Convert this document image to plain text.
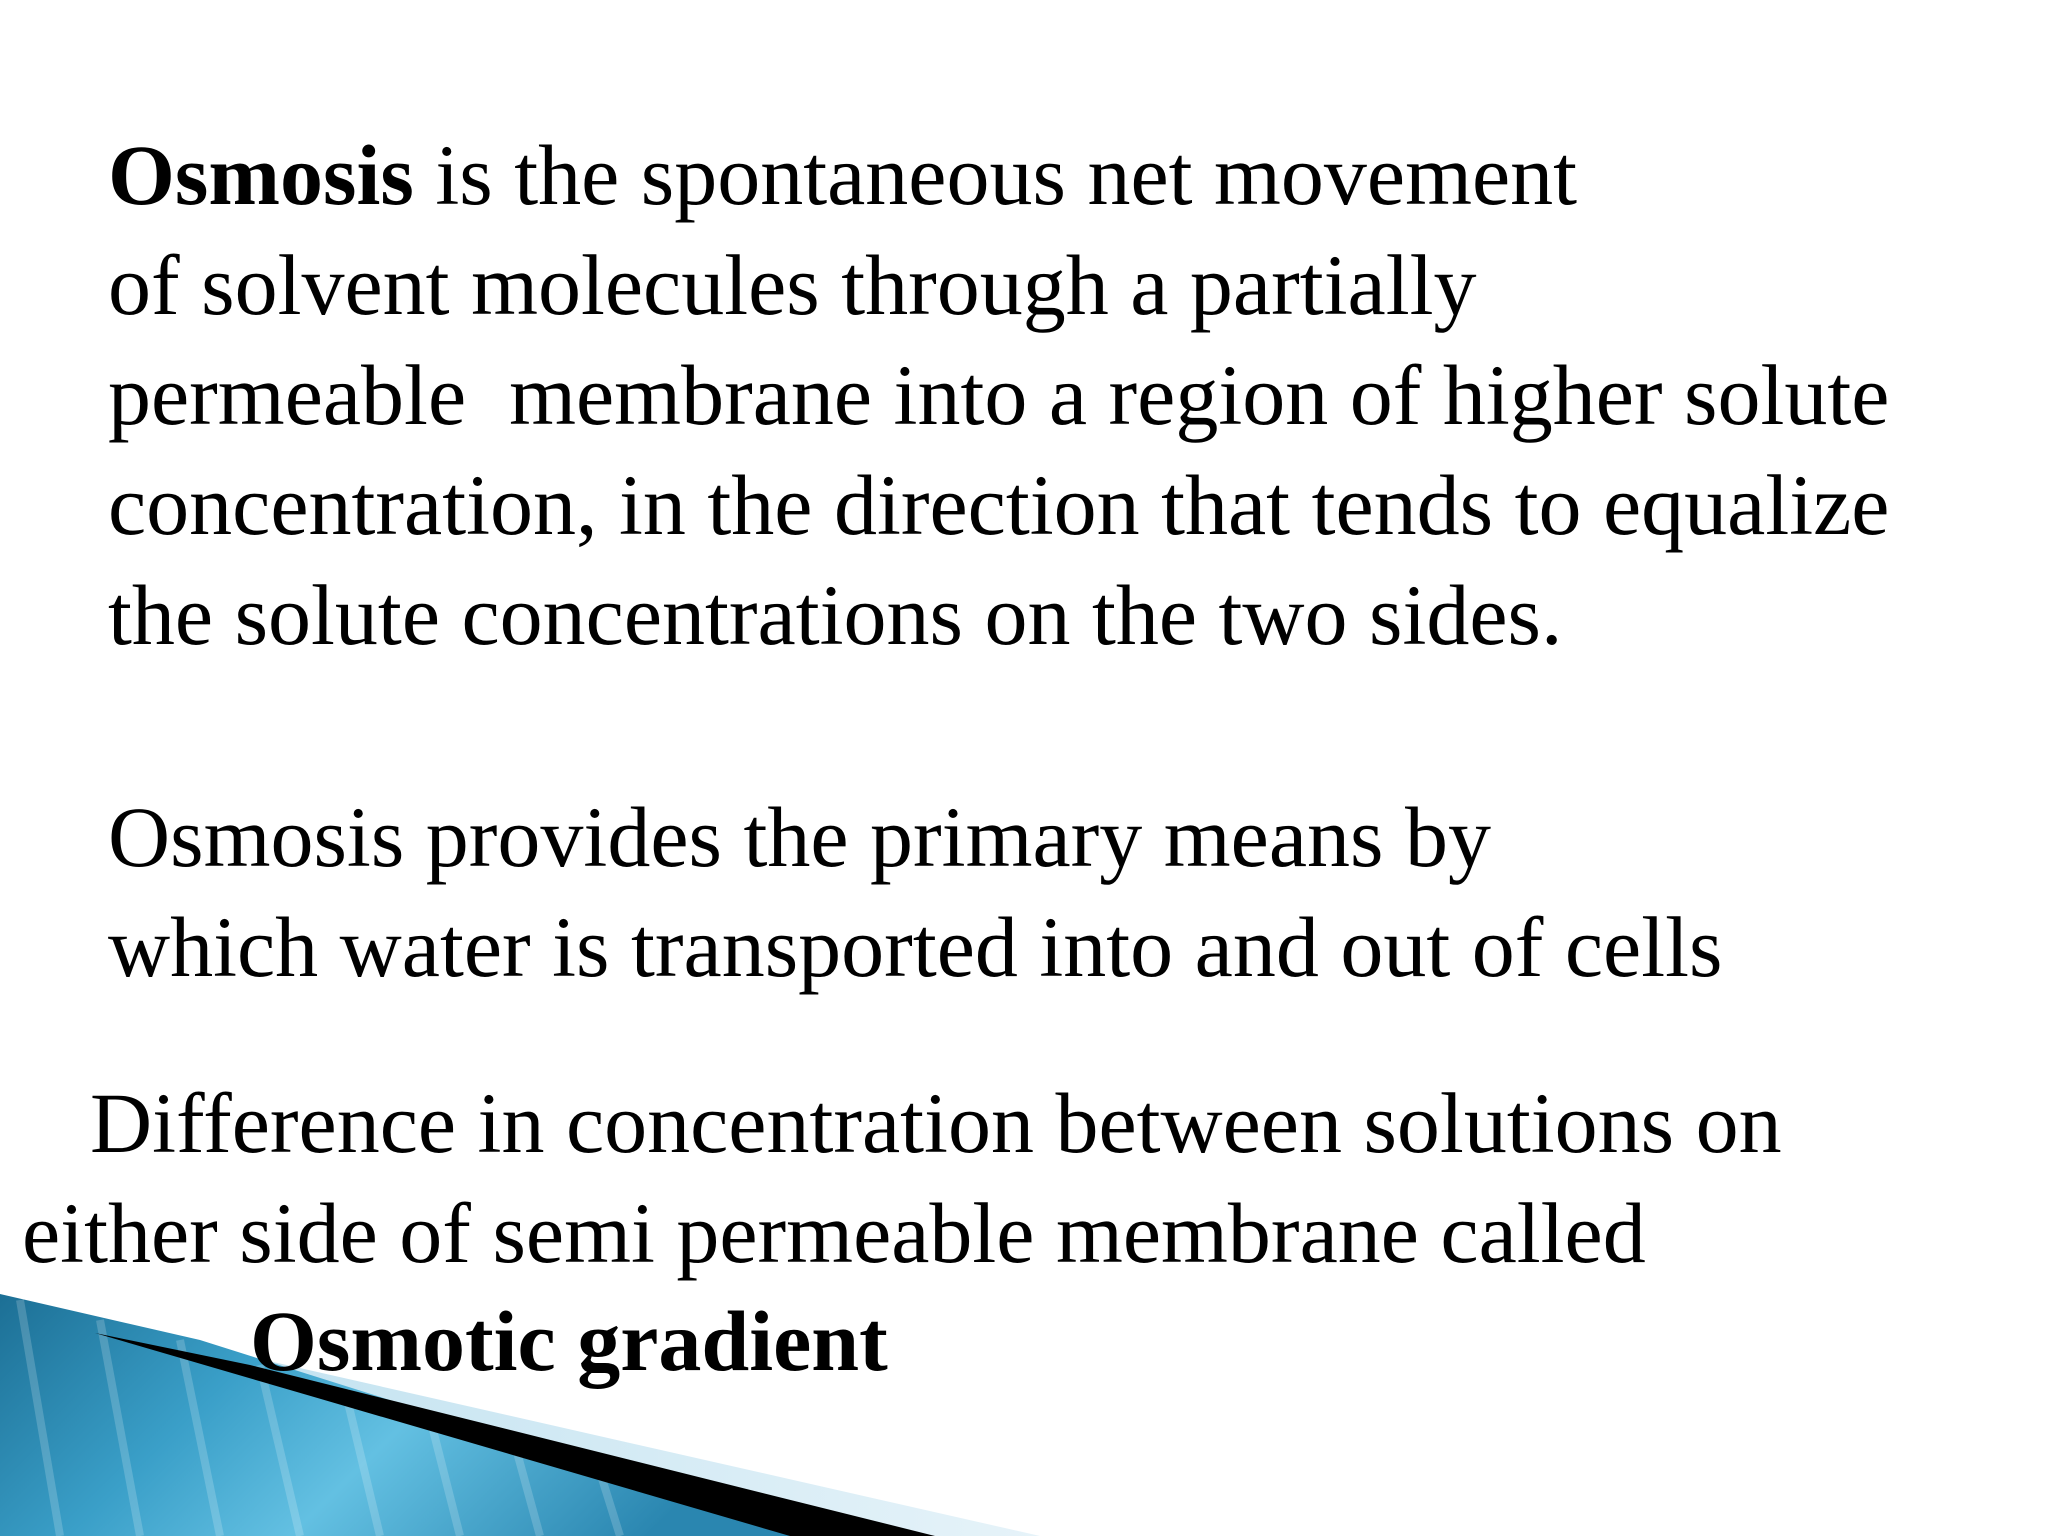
Osmosis is the spontaneous net movement
of solvent molecules through a partially
permeable  membrane into a region of higher solute
concentration, in the direction that tends to equalize
the solute concentrations on the two sides.
Osmosis provides the primary means by
which water is transported into and out of cells
Difference in concentration between solutions on
either side of semi permeable membrane called
Osmotic gradient
